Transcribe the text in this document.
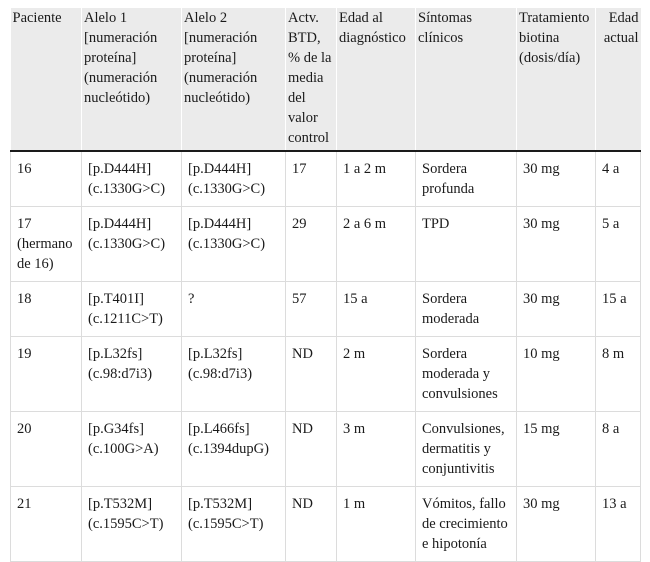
Paciente	Alelo 1 [numeración proteína] (numeración nucleótido)	Alelo 2 [numeración proteína] (numeración nucleótido)	Actv. BTD, % de la media del valor control	Edad al diagnóstico	Síntomas clínicos	Tratamiento biotina (dosis/día)	Edad actual
16	[p.D444H] (c.1330G>C)	[p.D444H] (c.1330G>C)	17	1 a 2 m	Sordera profunda	30 mg	4 a
17 (hermano de 16)	[p.D444H] (c.1330G>C)	[p.D444H] (c.1330G>C)	29	2 a 6 m	TPD	30 mg	5 a
18	[p.T401I] (c.1211C>T)	?	57	15 a	Sordera moderada	30 mg	15 a
19	[p.L32fs] (c.98:d7i3)	[p.L32fs] (c.98:d7i3)	ND	2 m	Sordera moderada y convulsiones	10 mg	8 m
20	[p.G34fs] (c.100G>A)	[p.L466fs] (c.1394dupG)	ND	3 m	Convulsiones, dermatitis y conjuntivitis	15 mg	8 a
21	[p.T532M] (c.1595C>T)	[p.T532M] (c.1595C>T)	ND	1 m	Vómitos, fallo de crecimiento e hipotonía	30 mg	13 a
